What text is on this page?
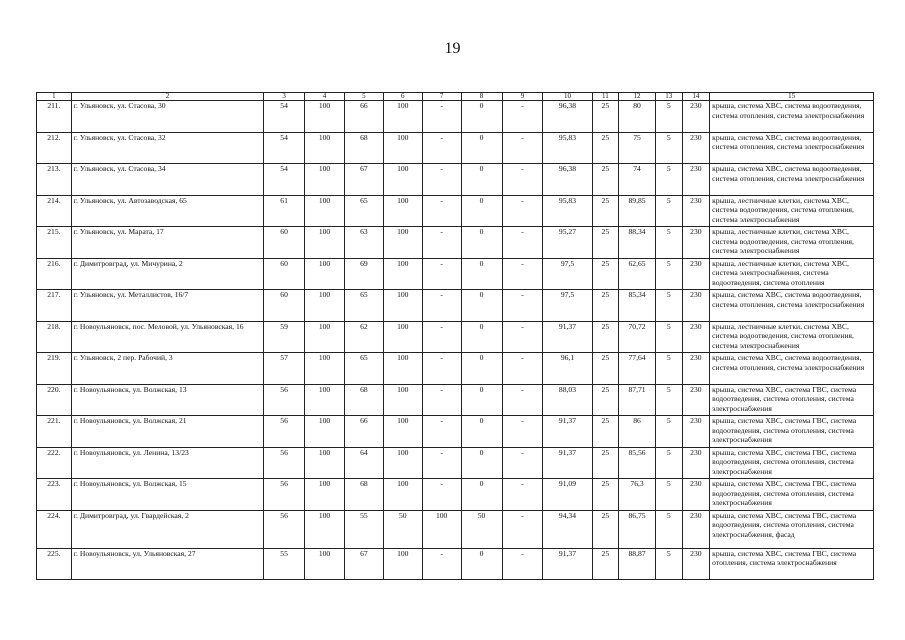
19
1	2	3	4	5	6	7	8	9	10	11	12	13	14	15
211.	г. Ульяновск, ул. Стасова, 30	54	100	66	100	-	0	-	96,38	25	80	5	230	крыша, система ХВС, система водоотведения, система отопления, система электроснабжения
212.	г. Ульяновск, ул. Стасова, 32	54	100	68	100	-	0	-	95,83	25	75	5	230	крыша, система ХВС, система водоотведения, система отопления, система электроснабжения
213.	г. Ульяновск, ул. Стасова, 34	54	100	67	100	-	0	-	96,38	25	74	5	230	крыша, система ХВС, система водоотведения, система отопления, система электроснабжения
214.	г. Ульяновск, ул. Автозаводская, 65	61	100	65	100	-	0	-	95,83	25	89,85	5	230	крыша, лестничные клетки, система ХВС, система водоотведения, система отопления, система электроснабжения
215.	г. Ульяновск, ул. Марата, 17	60	100	63	100	-	0	-	95,27	25	88,34	5	230	крыша, лестничные клетки, система ХВС, система водоотведения, система отопления, система электроснабжения
216.	г. Димитровград, ул. Мичурина, 2	60	100	69	100	-	0	-	97,5	25	62,65	5	230	крыша, лестничные клетки, система ХВС, система электроснабжения, система водоотведения, система отопления
217.	г. Ульяновск, ул. Металлистов, 16/7	60	100	65	100	-	0	-	97,5	25	85,34	5	230	крыша, система ХВС, система водоотведения, система отопления, система электроснабжения
218.	г. Новоульяновск, пос. Меловой, ул. Ульяновская, 16	59	100	62	100	-	0	-	91,37	25	70,72	5	230	крыша, лестничные клетки, система ХВС, система водоотведения, система отопления, система электроснабжения
219.	г. Ульяновск, 2 пер. Рабочий, 3	57	100	65	100	-	0	-	96,1	25	77,64	5	230	крыша, система ХВС, система водоотведения, система отопления, система электроснабжения
220.	г. Новоульяновск, ул. Волжская, 13	56	100	68	100	-	0	-	88,03	25	87,71	5	230	крыша, система ХВС, система ГВС, система водоотведения, система отопления, система электроснабжения
221.	г. Новоульяновск, ул. Волжская, 21	56	100	66	100	-	0	-	91,37	25	86	5	230	крыша, система ХВС, система ГВС, система водоотведения, система отопления, система электроснабжения
222.	г. Новоульяновск, ул. Ленина, 13/23	56	100	64	100	-	0	-	91,37	25	85,56	5	230	крыша, система ХВС, система ГВС, система водоотведения, система отопления, система электроснабжения
223.	г. Новоульяновск, ул. Волжская, 15	56	100	68	100	-	0	-	91,09	25	76,3	5	230	крыша, система ХВС, система ГВС, система водоотведения, система отопления, система электроснабжения
224.	г. Димитровград, ул. Гвардейская, 2	56	100	55	50	100	50	-	94,34	25	86,75	5	230	крыша, система ХВС, система ГВС, система водоотведения, система отопления, система электроснабжения, фасад
225.	г. Новоульяновск, ул. Ульяновская, 27	55	100	67	100	-	0	-	91,37	25	88,87	5	230	крыша, система ХВС, система ГВС, система отопления, система электроснабжения
